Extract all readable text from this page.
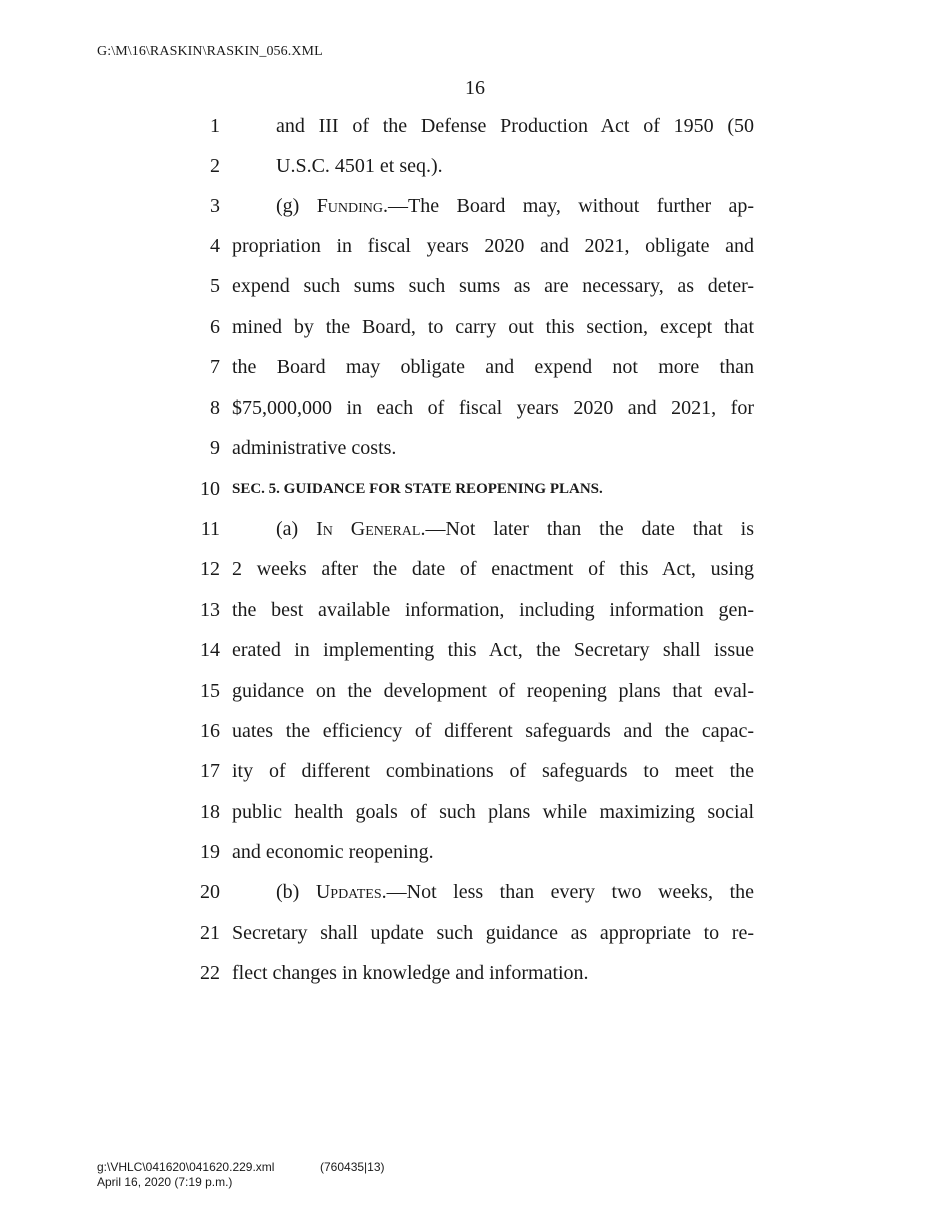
G:\M\16\RASKIN\RASKIN_056.XML
16
1	and III of the Defense Production Act of 1950 (50
2	U.S.C. 4501 et seq.).
3	(g) Funding.—The Board may, without further ap-
4 propriation in fiscal years 2020 and 2021, obligate and
5 expend such sums such sums as are necessary, as deter-
6 mined by the Board, to carry out this section, except that
7 the Board may obligate and expend not more than
8 $75,000,000 in each of fiscal years 2020 and 2021, for
9 administrative costs.
10 SEC. 5. GUIDANCE FOR STATE REOPENING PLANS.
11	(a) In General.—Not later than the date that is
12 2 weeks after the date of enactment of this Act, using
13 the best available information, including information gen-
14 erated in implementing this Act, the Secretary shall issue
15 guidance on the development of reopening plans that eval-
16 uates the efficiency of different safeguards and the capac-
17 ity of different combinations of safeguards to meet the
18 public health goals of such plans while maximizing social
19 and economic reopening.
20	(b) Updates.—Not less than every two weeks, the
21 Secretary shall update such guidance as appropriate to re-
22 flect changes in knowledge and information.
g:\VHLC\041620\041620.229.xml	(760435|13)
April 16, 2020 (7:19 p.m.)
